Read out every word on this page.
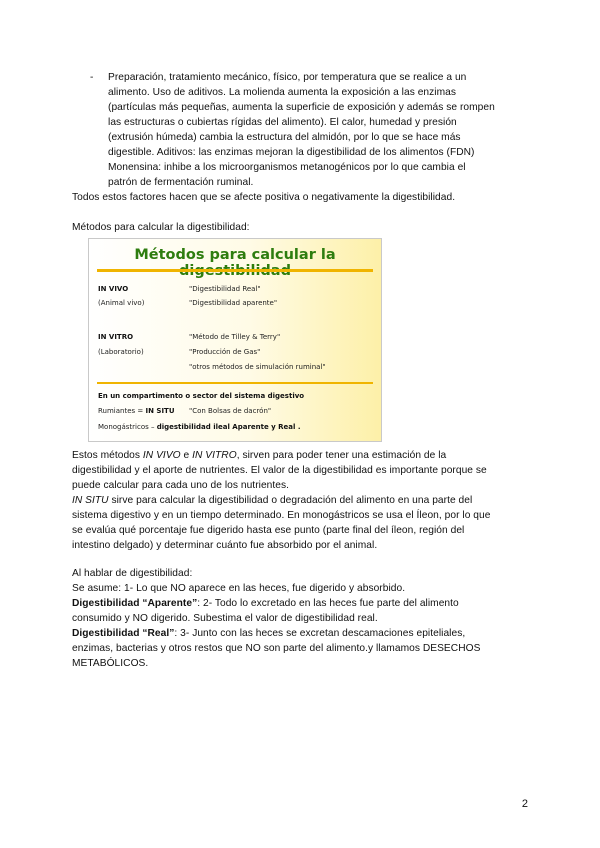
- Preparación, tratamiento mecánico, físico, por temperatura que se realice a un
alimento. Uso de aditivos. La molienda aumenta la exposición a las enzimas
(partículas más pequeñas, aumenta la superficie de exposición y además se rompen
las estructuras o cubiertas rígidas del alimento). El calor, humedad y presión
(extrusión húmeda) cambia la estructura del almidón, por lo que se hace más
digestible. Aditivos: las enzimas mejoran la digestibilidad de los alimentos (FDN)
Monensina: inhibe a los microorganismos metanogénicos por lo que cambia el
patrón de fermentación ruminal.
Todos estos factores hacen que se afecte positiva o negativamente la digestibilidad.
Métodos para calcular la digestibilidad:
Métodos para calcular la
IN VIVO
(Animal vivo)
"Digestibilidad Real"
"Digestibilidad aparente"
IN VITRO
(Laboratorio)
"Método de Tilley & Terry"
"Producción de Gas"
"otros métodos de simulación ruminal"
En un compartimento o sector del sistema digestivo
Rumiantes = IN SITU "Con Bolsas de dacrón"
Monogástricos – digestibilidad ileal Aparente y Real .
Estos métodos IN VIVO e IN VITRO, sirven para poder tener una estimación de la
digestibilidad y el aporte de nutrientes. El valor de la digestibilidad es importante porque se
puede calcular para cada uno de los nutrientes.
IN SITU sirve para calcular la digestibilidad o degradación del alimento en una parte del
sistema digestivo y en un tiempo determinado. En monogástricos se usa el Íleon, por lo que
se evalúa qué porcentaje fue digerido hasta ese punto (parte final del íleon, región del
intestino delgado) y determinar cuánto fue absorbido por el animal.
Al hablar de digestibilidad:
Se asume: 1- Lo que NO aparece en las heces, fue digerido y absorbido.
Digestibilidad “Aparente”: 2- Todo lo excretado en las heces fue parte del alimento
consumido y NO digerido. Subestima el valor de digestibilidad real.
Digestibilidad “Real”: 3- Junto con las heces se excretan descamaciones epiteliales,
enzimas, bacterias y otros restos que NO son parte del alimento.y llamamos DESECHOS
METABÓLICOS.
2
